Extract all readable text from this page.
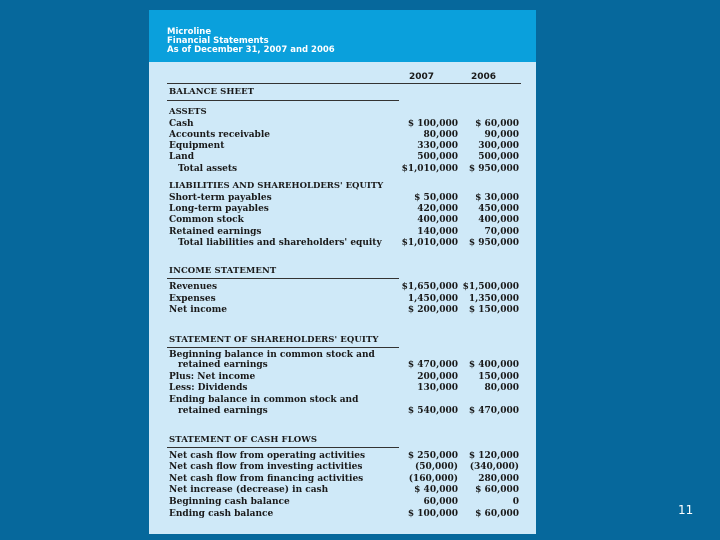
Microline
Financial Statements
As of December 31, 2007 and 2006
2007	2006
BALANCE SHEET
ASSETS
Cash	$ 100,000 $ 60,000
Accounts receivable	80,000	90,000
Equipment	330,000 300,000
Land	500,000 500,000
Total assets	$1,010,000 $ 950,000
LIABILITIES AND SHAREHOLDERS' EQUITY
Short-term payables	$ 50,000 $ 30,000
Long-term payables	420,000 450,000
Common stock	400,000 400,000
Retained earnings	140,000	70,000
Total liabilities and shareholders' equity $1,010,000 $ 950,000
INCOME STATEMENT
Revenues	$1,650,000 $1,500,000
Expenses	1,450,000 1,350,000
Net income	$ 200,000 $ 150,000
STATEMENT OF SHAREHOLDERS' EQUITY
Beginning balance in common stock and
retained earnings	$ 470,000 $ 400,000
Plus: Net income	200,000 150,000
Less: Dividends	130,000	80,000
Ending balance in common stock and
retained earnings	$ 540,000 $ 470,000
STATEMENT OF CASH FLOWS
Net cash flow from operating activities	$ 250,000 $ 120,000
Net cash flow from investing activities	(50,000) (340,000)
Net cash flow from financing activities	(160,000) 280,000
Net increase (decrease) in cash	$ 40,000 $ 60,000
Beginning cash balance	60,000	0
Ending cash balance	$ 100,000 $ 60,000	11
